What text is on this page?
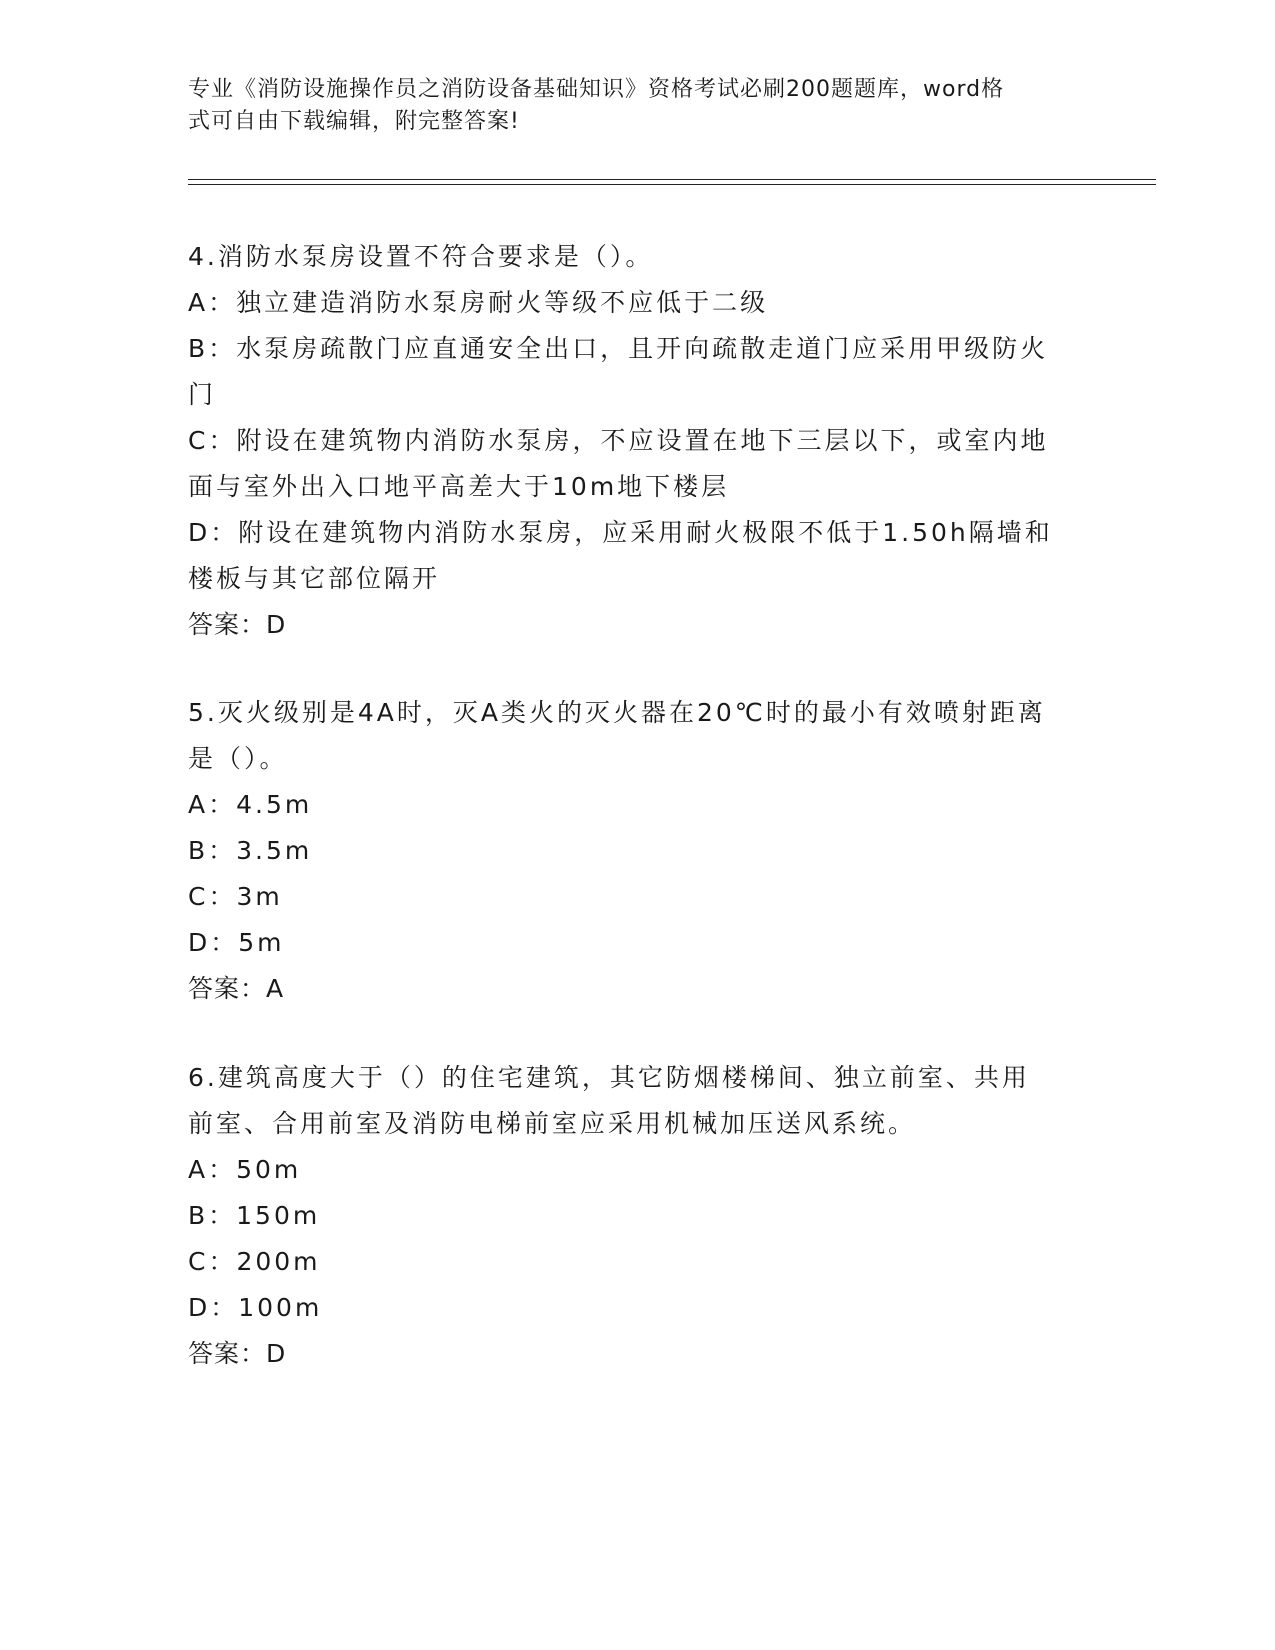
专业《消防设施操作员之消防设备基础知识》资格考试必刷200题题库，word格
式可自由下载编辑，附完整答案!
4.消防水泵房设置不符合要求是（）。
A：独立建造消防水泵房耐火等级不应低于二级
B：水泵房疏散门应直通安全出口，且开向疏散走道门应采用甲级防火
门
C：附设在建筑物内消防水泵房，不应设置在地下三层以下，或室内地
面与室外出入口地平高差大于10m地下楼层
D：附设在建筑物内消防水泵房，应采用耐火极限不低于1.50h隔墙和
楼板与其它部位隔开
答案：D
5.灭火级别是4A时，灭A类火的灭火器在20℃时的最小有效喷射距离
是（）。
A：4.5m
B：3.5m
C：3m
D：5m
答案：A
6.建筑高度大于（）的住宅建筑，其它防烟楼梯间、独立前室、共用
前室、合用前室及消防电梯前室应采用机械加压送风系统。
A：50m
B：150m
C：200m
D：100m
答案：D
